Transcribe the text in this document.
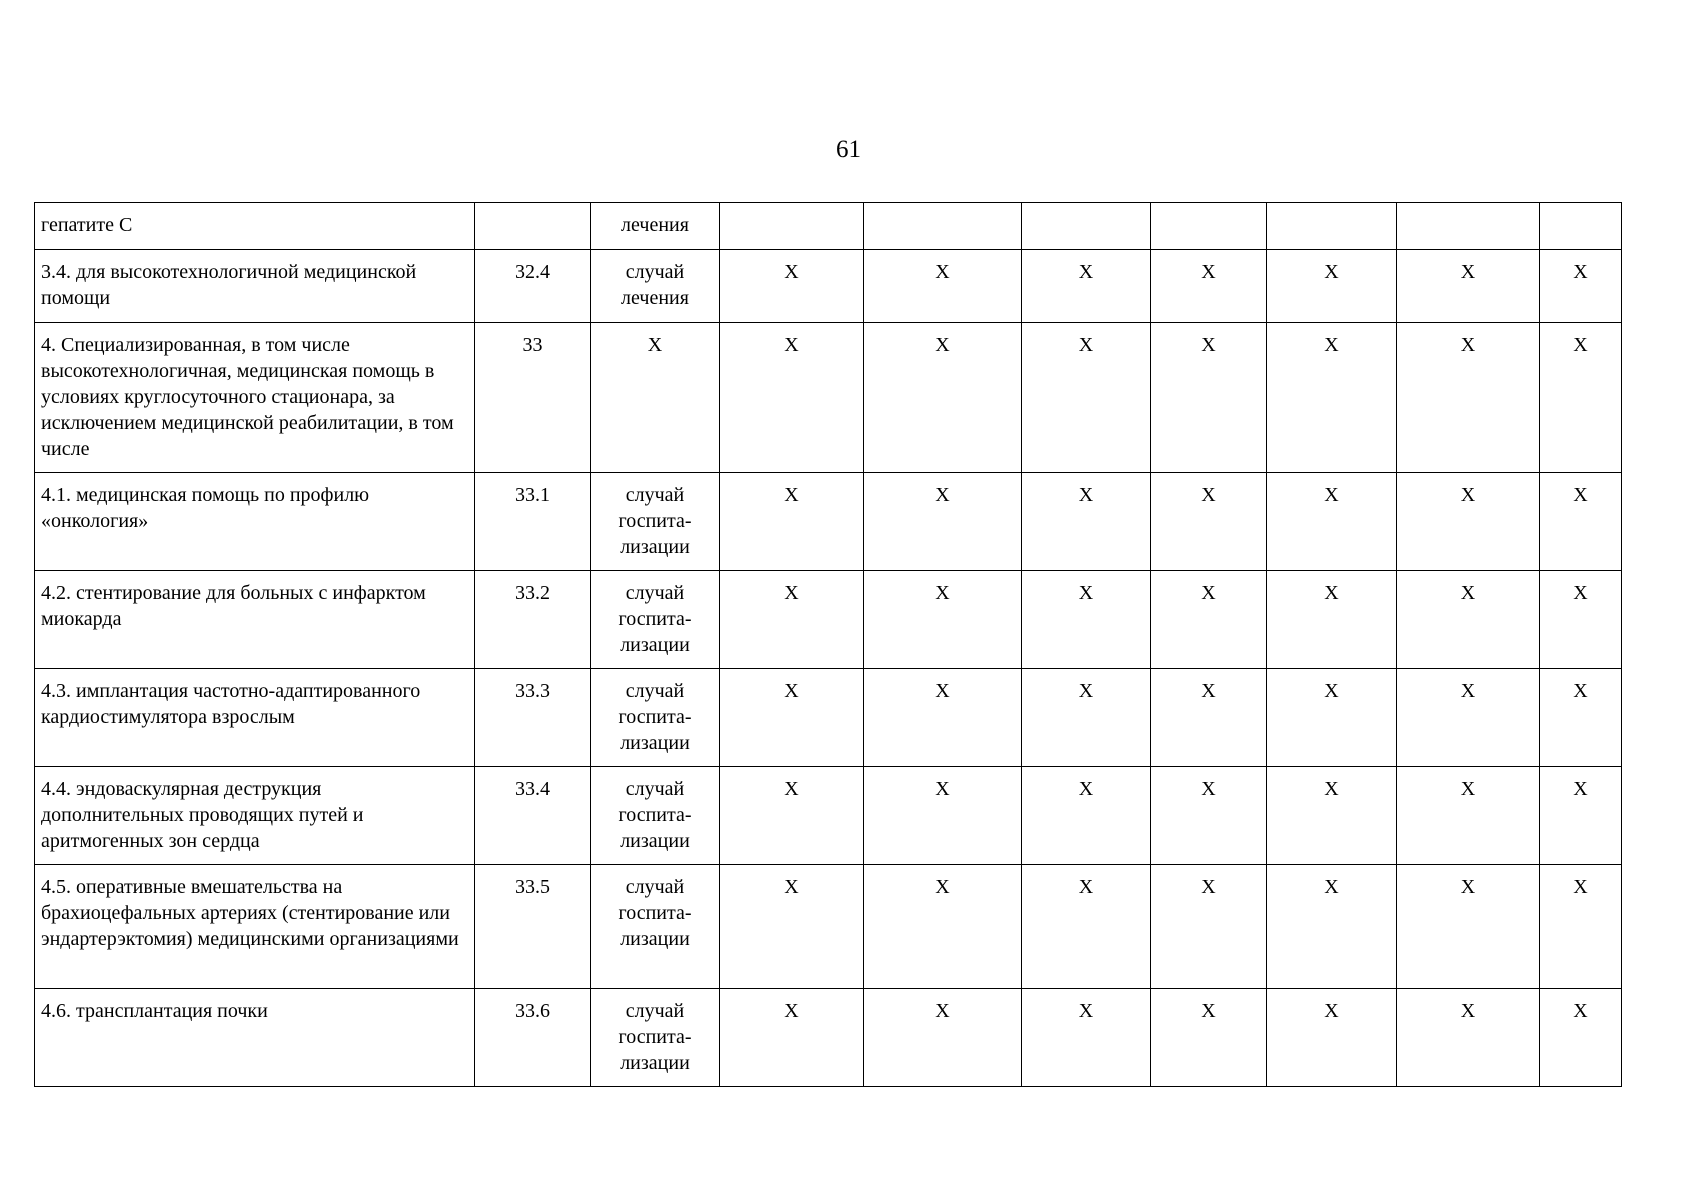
61
гепатите С		лечения							
3.4. для высокотехнологичной медицинской помощи	32.4	случай лечения	X	X	X	X	X	X	X
4. Специализированная, в том числе высокотехнологичная, медицинская помощь в условиях круглосуточного стационара, за исключением медицинской реабилитации, в том числе	33	X	X	X	X	X	X	X	X
4.1. медицинская помощь по профилю «онкология»	33.1	случай госпита-лизации	X	X	X	X	X	X	X
4.2. стентирование для больных с инфарктом миокарда	33.2	случай госпита-лизации	X	X	X	X	X	X	X
4.3. имплантация частотно-адаптированного кардиостимулятора взрослым	33.3	случай госпита-лизации	X	X	X	X	X	X	X
4.4. эндоваскулярная деструкция дополнительных проводящих путей и аритмогенных зон сердца	33.4	случай госпита-лизации	X	X	X	X	X	X	X
4.5. оперативные вмешательства на брахиоцефальных артериях (стентирование или эндартерэктомия) медицинскими организациями	33.5	случай госпита-лизации	X	X	X	X	X	X	X
4.6. трансплантация почки	33.6	случай госпита-лизации	X	X	X	X	X	X	X
